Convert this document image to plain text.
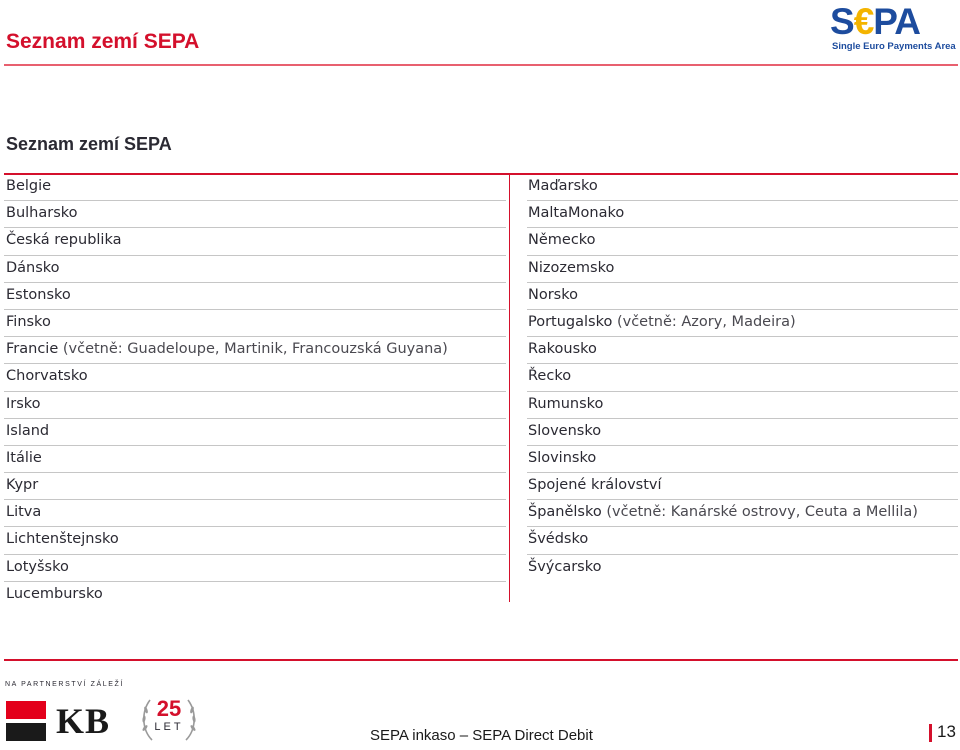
Seznam zemí SEPA	S€PA
Single Euro Payments Area
Seznam zemí SEPA
Belgie
Bulharsko
Česká republika
Dánsko
Estonsko
Finsko
Francie (včetně: Guadeloupe, Martinik, Francouzská Guyana)
Chorvatsko
Irsko
Island
Itálie
Kypr
Litva
Lichtenštejnsko
Lotyšsko
Lucembursko
Maďarsko
MaltaMonako
Německo
Nizozemsko
Norsko
Portugalsko (včetně: Azory, Madeira)
Rakousko
Řecko
Rumunsko
Slovensko
Slovinsko
Spojené království
Španělsko (včetně: Kanárské ostrovy, Ceuta a Mellila)
Švédsko
Švýcarsko
NA PARTNERSTVÍ ZÁLEŽÍ
KB	25
LET	SEPA inkaso – SEPA Direct Debit	13
